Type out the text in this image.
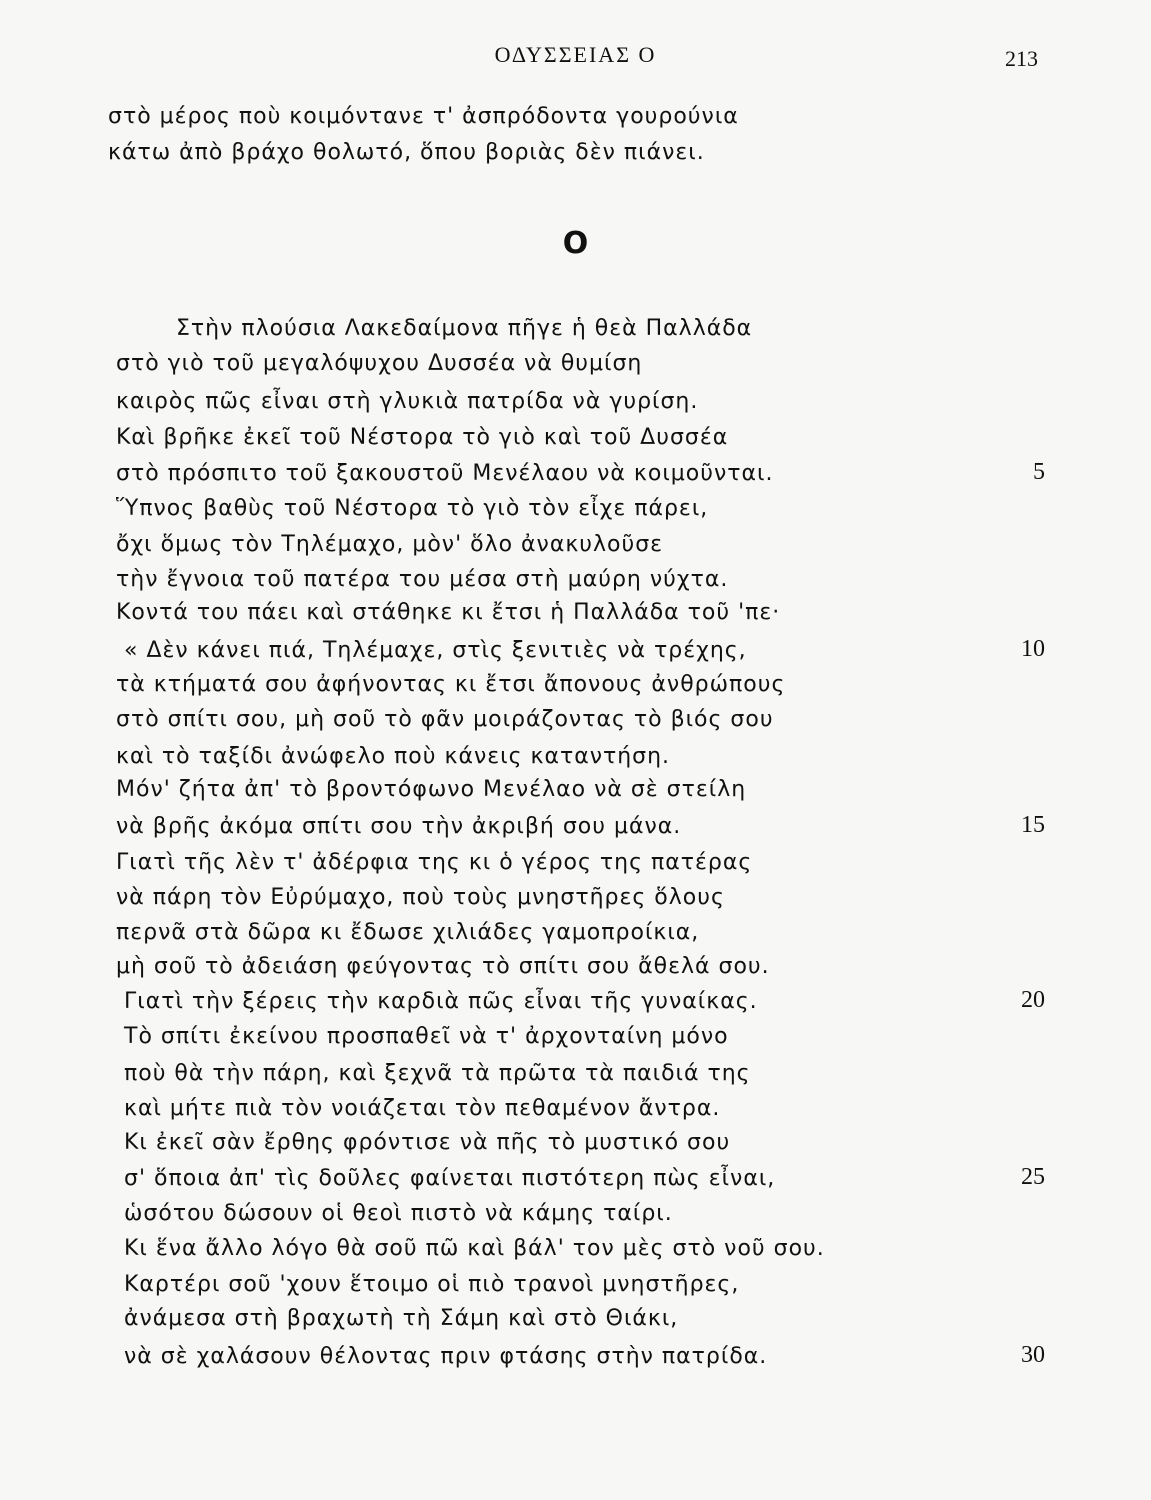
ΟΔΥΣΣΕΙΑΣ Ο	213
στὸ μέρος ποὺ κοιμόντανε τ' ἀσπρόδοντα γουρούνια
κάτω ἀπὸ βράχο θολωτό, ὅπου βοριὰς δὲν πιάνει.
Ο
Στὴν πλούσια Λακεδαίμονα πῆγε ἡ θεὰ Παλλάδα
στὸ γιὸ τοῦ μεγαλόψυχου Δυσσέα νὰ θυμίση
καιρὸς πῶς εἶναι στὴ γλυκιὰ πατρίδα νὰ γυρίση.
Καὶ βρῆκε ἐκεῖ τοῦ Νέστορα τὸ γιὸ καὶ τοῦ Δυσσέα
στὸ πρόσπιτο τοῦ ξακουστοῦ Μενέλαου νὰ κοιμοῦνται.
Ὕπνος βαθὺς τοῦ Νέστορα τὸ γιὸ τὸν εἶχε πάρει,
ὄχι ὅμως τὸν Τηλέμαχο, μὸν' ὅλο ἀνακυλοῦσε
τὴν ἔγνοια τοῦ πατέρα του μέσα στὴ μαύρη νύχτα.
Κοντά του πάει καὶ στάθηκε κι ἔτσι ἡ Παλλάδα τοῦ 'πε·
« Δὲν κάνει πιά, Τηλέμαχε, στὶς ξενιτιὲς νὰ τρέχης,
τὰ κτήματά σου ἀφήνοντας κι ἔτσι ἄπονους ἀνθρώπους
στὸ σπίτι σου, μὴ σοῦ τὸ φᾶν μοιράζοντας τὸ βιός σου
καὶ τὸ ταξίδι ἀνώφελο ποὺ κάνεις καταντήση.
Μόν' ζήτα ἀπ' τὸ βροντόφωνο Μενέλαο νὰ σὲ στείλη
νὰ βρῆς ἀκόμα σπίτι σου τὴν ἀκριβή σου μάνα.
Γιατὶ τῆς λὲν τ' ἀδέρφια της κι ὁ γέρος της πατέρας
νὰ πάρη τὸν Εὐρύμαχο, ποὺ τοὺς μνηστῆρες ὅλους
περνᾶ στὰ δῶρα κι ἔδωσε χιλιάδες γαμοπροίκια,
μὴ σοῦ τὸ ἀδειάση φεύγοντας τὸ σπίτι σου ἄθελά σου.
Γιατὶ τὴν ξέρεις τὴν καρδιὰ πῶς εἶναι τῆς γυναίκας.
Τὸ σπίτι ἐκείνου προσπαθεῖ νὰ τ' ἀρχονταίνη μόνο
ποὺ θὰ τὴν πάρη, καὶ ξεχνᾶ τὰ πρῶτα τὰ παιδιά της
καὶ μήτε πιὰ τὸν νοιάζεται τὸν πεθαμένον ἄντρα.
Κι ἐκεῖ σὰν ἔρθης φρόντισε νὰ πῆς τὸ μυστικό σου
σ' ὅποια ἀπ' τὶς δοῦλες φαίνεται πιστότερη πὼς εἶναι,
ὡσότου δώσουν οἱ θεοὶ πιστὸ νὰ κάμης ταίρι.
Κι ἕνα ἄλλο λόγο θὰ σοῦ πῶ καὶ βάλ' τον μὲς στὸ νοῦ σου.
Καρτέρι σοῦ 'χουν ἕτοιμο οἱ πιὸ τρανοὶ μνηστῆρες,
ἀνάμεσα στὴ βραχωτὴ τὴ Σάμη καὶ στὸ Θιάκι,
νὰ σὲ χαλάσουν θέλοντας πριν φτάσης στὴν πατρίδα.
5
10
15
20
25
30
